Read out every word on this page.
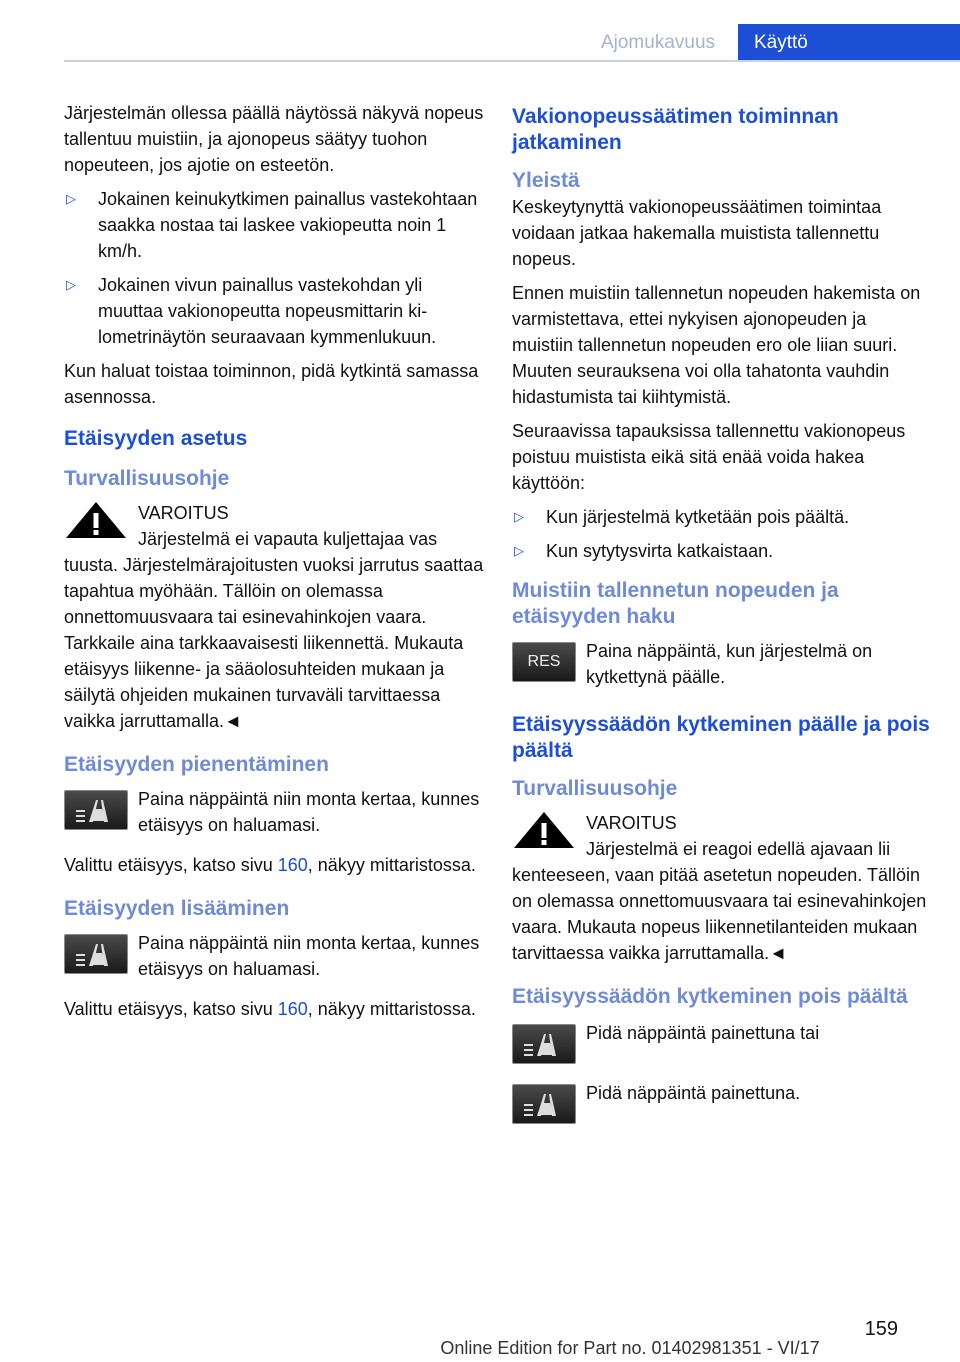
Ajomukavuus Käyttö

Järjestelmän ollessa päällä näytössä näkyvä nopeus tallentuu muistiin, ja ajonopeus säätyy tuohon nopeuteen, jos ajotie on esteetön.

▷	Jokainen keinukytkimen painallus vastekohtaan saakka nostaa tai laskee vakiopeutta noin 1 km/h.
▷	Jokainen vivun painallus vastekohdan yli muuttaa vakionopeutta nopeusmittarin kilometrinäytön seuraavaan kymmenlukuun.

Kun haluat toistaa toiminnon, pidä kytkintä samassa asennossa.

Etäisyyden asetus
Turvallisuusohje
VAROITUS
Järjestelmä ei vapauta kuljettajaa vas

tuusta. Järjestelmärajoitusten vuoksi jarrutus saattaa tapahtua myöhään. Tällöin on olemassa onnettomuusvaara tai esinevahinkojen vaara. Tarkkaile aina tarkkaavaisesti liikennettä. Mukauta etäisyys liikenne- ja sääolosuhteiden mukaan ja säilytä ohjeiden mukainen turvaväli tarvittaessa vaikka jarruttamalla.◄

Etäisyyden pienentäminen
Paina näppäintä niin monta kertaa, kunnes etäisyys on haluamasi.

Valittu etäisyys, katso sivu 160, näkyy mittaristossa.

Etäisyyden lisääminen
Paina näppäintä niin monta kertaa, kunnes etäisyys on haluamasi.

Valittu etäisyys, katso sivu 160, näkyy mittaristossa.

Vakionopeussäätimen toiminnan jatkaminen
Yleistä

Keskeytynyttä vakionopeussäätimen toimintaa voidaan jatkaa hakemalla muistista tallennettu nopeus.

Ennen muistiin tallennetun nopeuden hakemista on varmistettava, ettei nykyisen ajonopeuden ja muistiin tallennetun nopeuden ero ole liian suuri. Muuten seurauksena voi olla tahatonta vauhdin hidastumista tai kiihtymistä.

Seuraavissa tapauksissa tallennettu vakionopeus poistuu muistista eikä sitä enää voida hakea käyttöön:

▷	Kun järjestelmä kytketään pois päältä.
▷	Kun sytytysvirta katkaistaan.
Muistiin tallennetun nopeuden ja etäisyyden haku
RES
Paina näppäintä, kun järjestelmä on kytkettynä päälle.
Etäisyyssäädön kytkeminen päälle ja pois päältä
Turvallisuusohje
VAROITUS
Järjestelmä ei reagoi edellä ajavaan lii

kenteeseen, vaan pitää asetetun nopeuden. Tällöin on olemassa onnettomuusvaara tai esinevahinkojen vaara. Mukauta nopeus liikennetilanteiden mukaan tarvittaessa vaikka jarruttamalla.◄

Etäisyyssäädön kytkeminen pois päältä
Pidä näppäintä painettuna tai
Pidä näppäintä painettuna.
159
Online Edition for Part no. 01402981351 - VI/17
